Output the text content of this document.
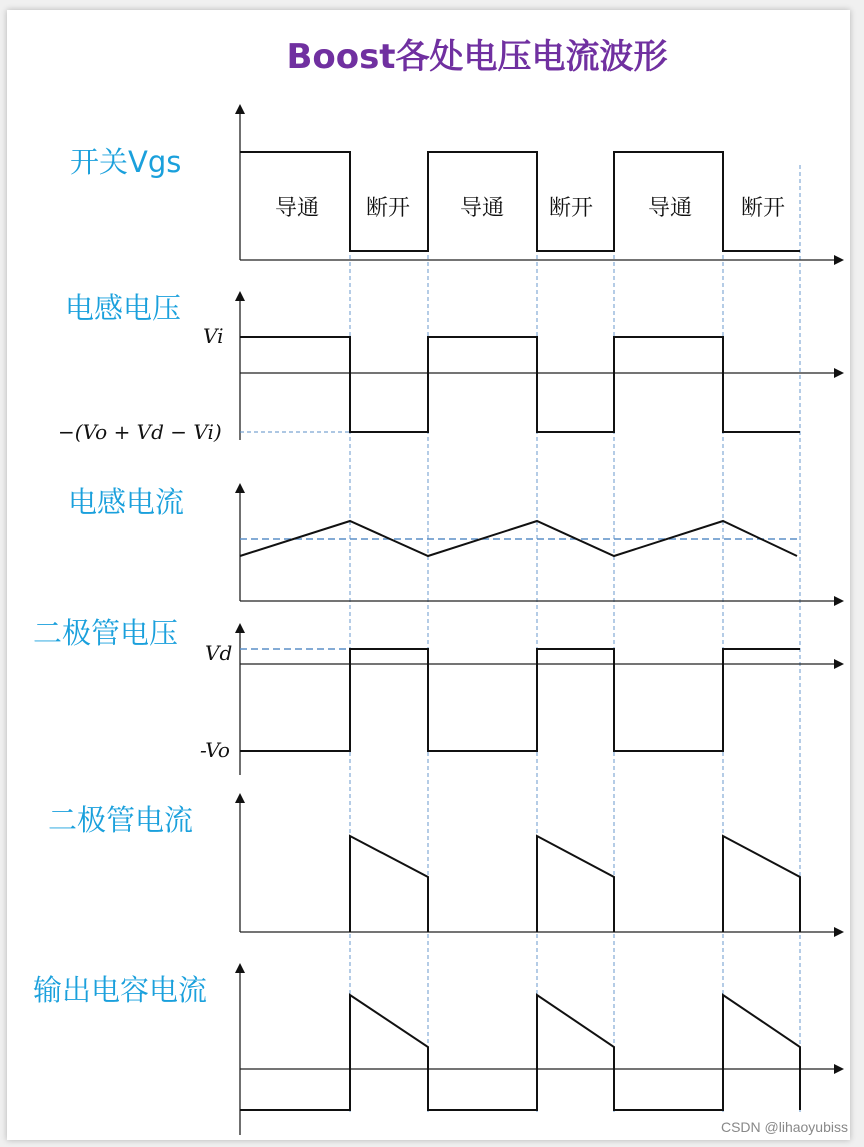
Boost各处电压电流波形
开关Vgs
导通 断开 导通 断开 导通 断开
电感电压
Vi
−(Vo + Vd − Vi)
电感电流
二极管电压
Vd
-Vo
二极管电流
输出电容电流
CSDN @lihaoyubiss
